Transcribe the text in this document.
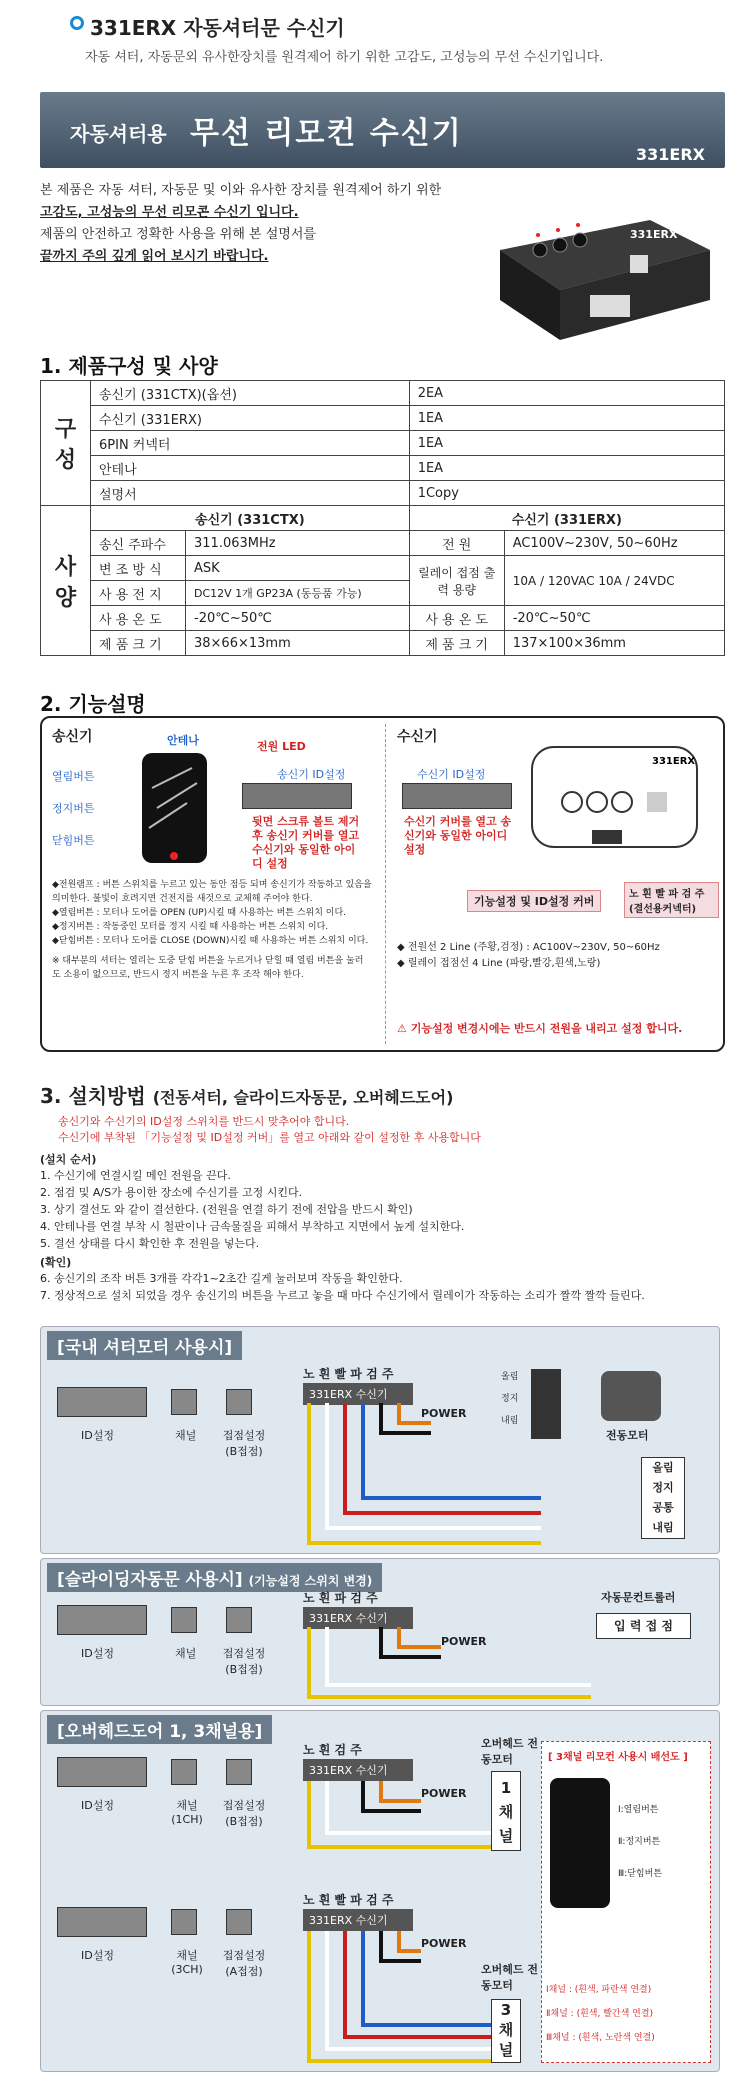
331ERX 자동셔터문 수신기
자동 셔터, 자동문외 유사한장치를 원격제어 하기 위한 고감도, 고성능의 무선 수신기입니다.
자동셔터용 무선 리모컨 수신기
331ERX
본 제품은 자동 셔터, 자동문 및 이와 유사한 장치를 원격제어 하기 위한
고감도, 고성능의 무선 리모콘 수신기 입니다.
제품의 안전하고 정확한 사용을 위해 본 설명서를
끝까지 주의 깊게 읽어 보시기 바랍니다.
331ERX
1. 제품구성 및 사양
구성	송신기 (331CTX)(옵션)		2EA	
	수신기 (331ERX)		1EA	
	6PIN 커넥터		1EA	
	안테나		1EA	
	설명서		1Copy	
사양	송신기 (331CTX)		수신기 (331ERX)	
	송신 주파수	311.063MHz	전 원	AC100V~230V, 50~60Hz
	변 조 방 식	ASK	릴레이 접점 출력 용량	10A / 120VAC 10A / 24VDC
	사 용 전 지	DC12V 1개 GP23A (동등품 가능)		
	사 용 온 도	-20℃~50℃	사 용 온 도	-20℃~50℃
	제 품 크 기	38×66×13mm	제 품 크 기	137×100×36mm
2. 기능설명
송신기	수신기
안테나	전원 LED
열림버튼
정지버튼
닫힘버튼
송신기 ID설정
뒷면 스크류 볼트 제거후 송신기 커버를 열고 수신기와 동일한 아이디 설정
◆전원램프 : 버튼 스위치를 누르고 있는 동안 점등 되며 송신기가 작동하고 있음을 의미한다. 불빛이 흐려지면 건전지를 새것으로 교체해 주어야 한다.
◆열림버튼 : 모터나 도어를 OPEN (UP)시킬 때 사용하는 버튼 스위치 이다.
◆정지버튼 : 작동중인 모터를 정지 시킬 때 사용하는 버튼 스위치 이다.
◆닫힘버튼 : 모터나 도어를 CLOSE (DOWN)시킬 때 사용하는 버튼 스위치 이다.
※ 대부분의 셔터는 열리는 도중 닫힘 버튼을 누르거나 닫힐 때 열림 버튼을 눌러도 소용이 없으므로, 반드시 정지 버튼을 누른 후 조작 해야 한다.
수신기 ID설정
수신기 커버를 열고 송신기와 동일한 아이디 설정
331ERX
기능설정 및 ID설정 커버
노 흰 빨 파 검 주 (결선용커넥터)
◆ 전원선 2 Line (주황,검정) : AC100V~230V, 50~60Hz
◆ 릴레이 접점선 4 Line (파랑,빨강,흰색,노랑)
⚠ 기능설정 변경시에는 반드시 전원을 내리고 설정 합니다.
3. 설치방법 (전동셔터, 슬라이드자동문, 오버헤드도어)
송신기와 수신기의 ID설정 스위치를 반드시 맞추어야 합니다.
수신기에 부착된 「기능설정 및 ID설정 커버」를 열고 아래와 같이 설정한 후 사용합니다
(설치 순서)
1. 수신기에 연결시킬 메인 전원을 끈다.
2. 점검 및 A/S가 용이한 장소에 수신기를 고정 시킨다.
3. 상기 결선도 와 같이 결선한다. (전원을 연결 하기 전에 전압을 반드시 확인)
4. 안테나를 연결 부착 시 철판이나 금속물질을 피해서 부착하고 지면에서 높게 설치한다.
5. 결선 상태를 다시 확인한 후 전원을 넣는다.
(확인)
6. 송신기의 조작 버튼 3개를 각각1~2초간 길게 눌러보며 작동을 확인한다.
7. 정상적으로 설치 되었을 경우 송신기의 버튼을 누르고 놓을 때 마다 수신기에서 릴레이가 작동하는 소리가 짤깍 짤깍 들린다.
[국내 셔터모터 사용시]
ID설정	채널	접점설정 (B접점)
노 흰 빨 파 검 주
331ERX 수신기
POWER
올림
정지
내림
전동모터
올림
정지
공통
내림
[슬라이딩자동문 사용시] (기능설정 스위치 변경)
ID설정	채널	접점설정 (B접점)
노 흰 파 검 주
331ERX 수신기
POWER
자동문컨트롤러
입 력 접 점
[오버헤드도어 1, 3채널용]
ID설정	채널 (1CH)
접점설정 (B접점)
ID설정	채널 (3CH)
접점설정 (A접점)
노 흰 검 주
331ERX 수신기
POWER
오버헤드 전동모터
1 채 널
노 흰 빨 파 검 주
331ERX 수신기
POWER
오버헤드 전동모터
3 채 널
[ 3채널 리모컨 사용시 배선도 ]
Ⅰ:열림버튼
Ⅱ:정지버튼
Ⅲ:닫힘버튼
Ⅰ채널 : (흰색, 파란색 연결)
Ⅱ채널 : (흰색, 빨간색 연결)
Ⅲ채널 : (흰색, 노란색 연결)
